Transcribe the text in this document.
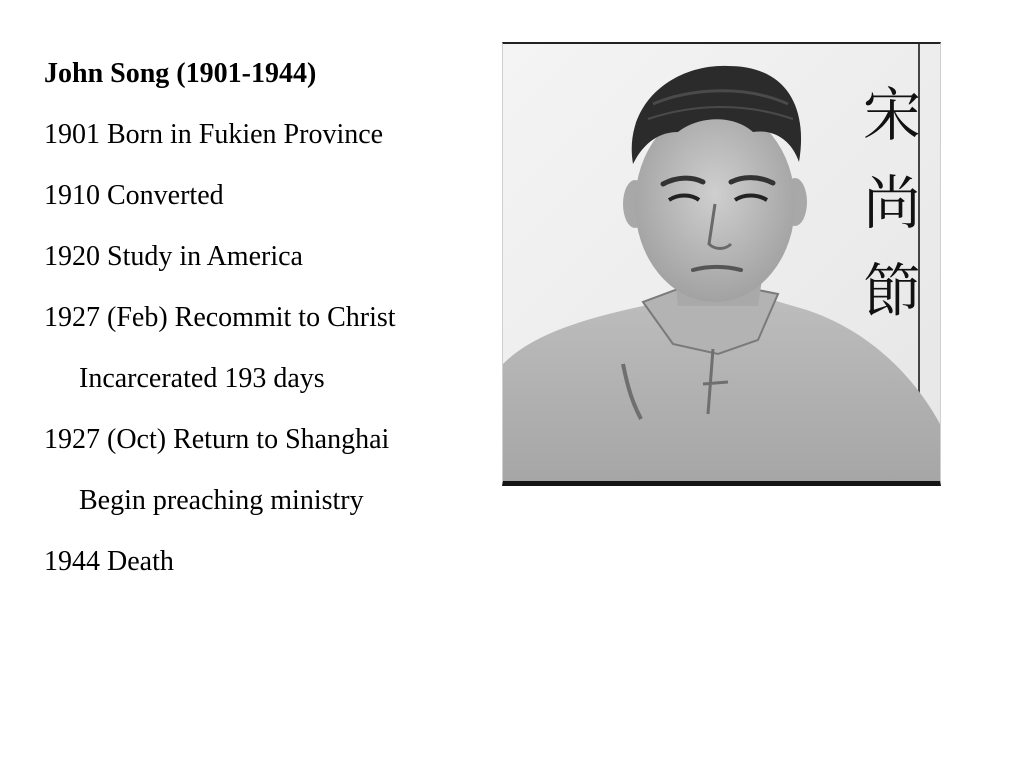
John Song (1901-1944)
1901 Born in Fukien Province
1910 Converted
1920 Study in America
1927 (Feb) Recommit to Christ
Incarcerated 193 days
1927 (Oct) Return to Shanghai
Begin preaching ministry
1944 Death
宋尚節
